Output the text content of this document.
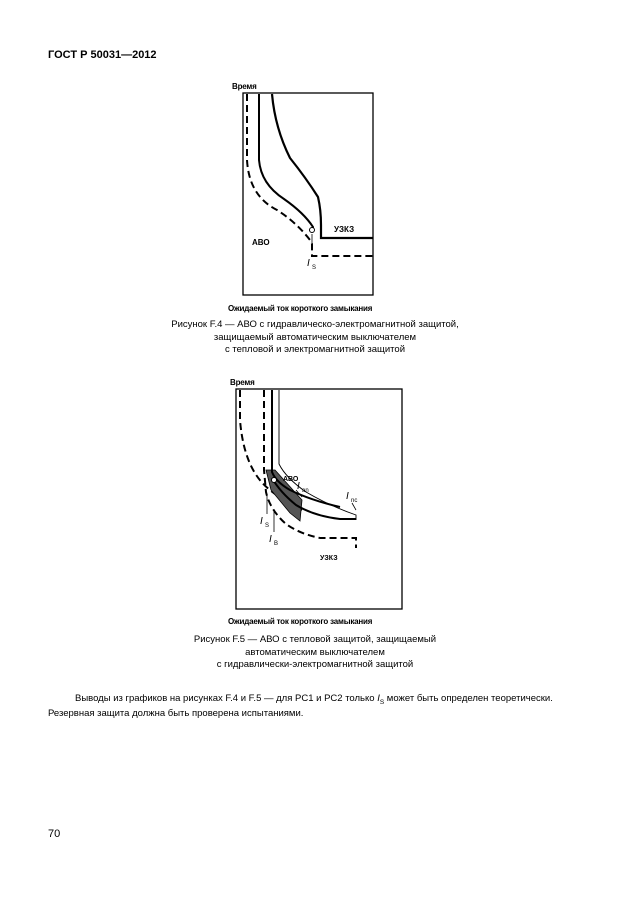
ГОСТ Р 50031—2012
Время
АВО
УЗКЗ
I S
Ожидаемый ток короткого замыкания
Время
АВО
УЗКЗ
I S
I B
I an	I nc
Ожидаемый ток короткого замыкания
Рисунок F.4 — АВО с гидравлическо-электромагнитной защитой,
защищаемый автоматическим выключателем
с тепловой и электромагнитной защитой
Рисунок F.5 — АВО с тепловой защитой, защищаемый
автоматическим выключателем
с гидравлически-электромагнитной защитой
Выводы из графиков на рисунках F.4 и F.5 — для PC1 и PC2 только $I_S$ может быть определен теоретически.
Резервная защита должна быть проверена испытаниями.
70
